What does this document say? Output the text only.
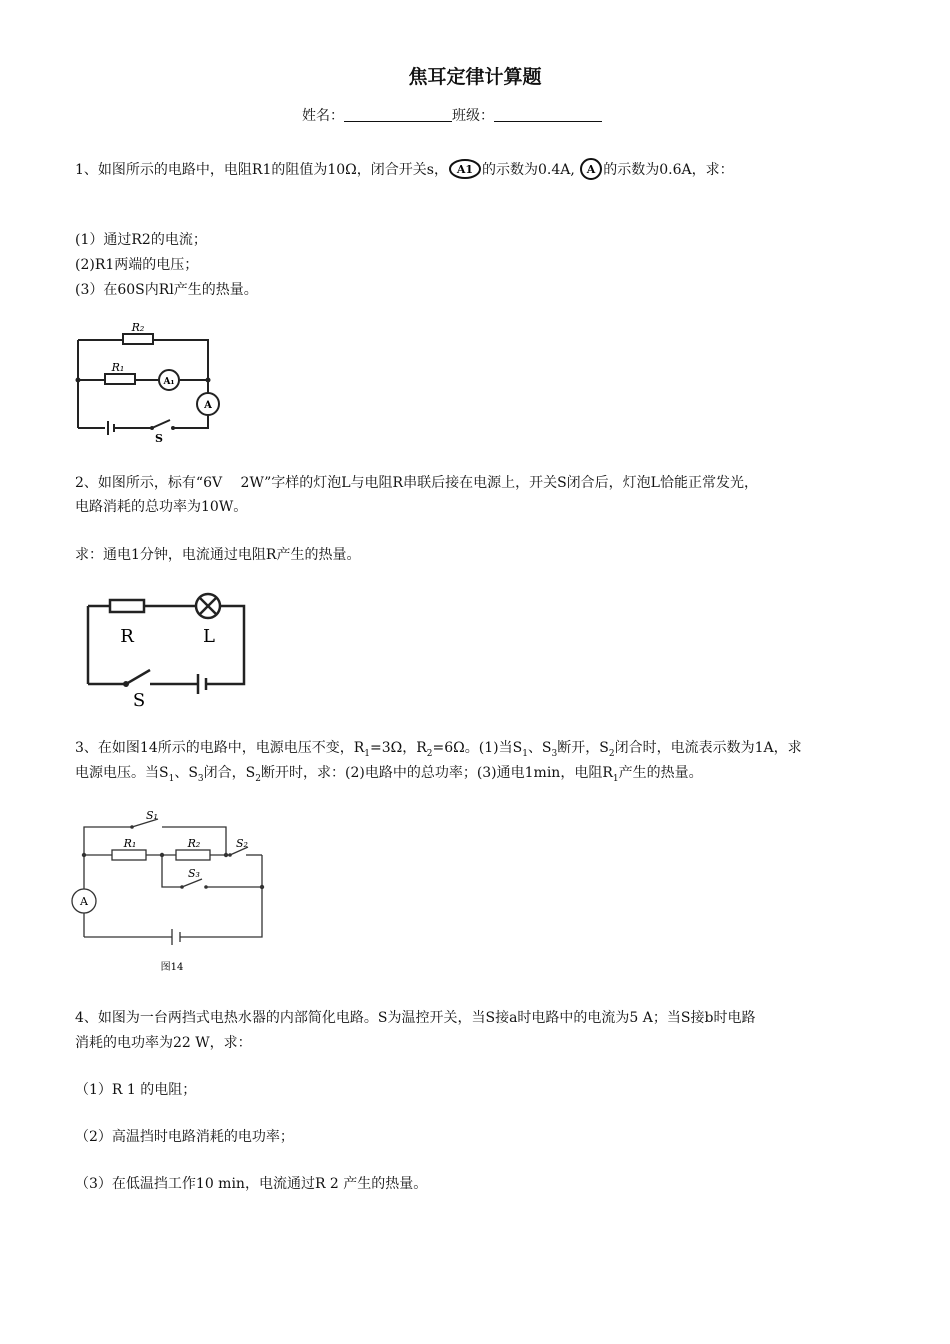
焦耳定律计算题
姓名：	班级：
1、如图所示的电路中，电阻R1的阻值为10Ω，闭合开关s， A1 的示数为0.4A, A 的示数为0.6A，求：
(1）通过R2的电流；
(2)R1两端的电压；
(3）在60S内Rl产生的热量。
R₂
R₁
A₁
A
S
2、如图所示，标有“6V　 2W”字样的灯泡L与电阻R串联后接在电源上，开关S闭合后，灯泡L恰能正常发光，
电路消耗的总功率为10W。
求：通电1分钟，电流通过电阻R产生的热量。
R	L
S
3、在如图14所示的电路中，电源电压不变，$R_1=3\Omega$，$R_2=6\Omega$。(1)当$S_1$、$S_3$断开，$S_2$闭合时，电流表示数为1A，求
电源电压。当$S_1$、$S_3$闭合，$S_2$断开时，求：(2)电路中的总功率；(3)通电1min，电阻$R_1$产生的热量。
S₁
R₁	R₂	S₂
S₃
A
图14
4、如图为一台两挡式电热水器的内部简化电路。S为温控开关，当S接a时电路中的电流为5 A；当S接b时电路
消耗的电功率为22 W，求：
（1）R 1 的电阻；
（2）高温挡时电路消耗的电功率；
（3）在低温挡工作10 min，电流通过R 2 产生的热量。
